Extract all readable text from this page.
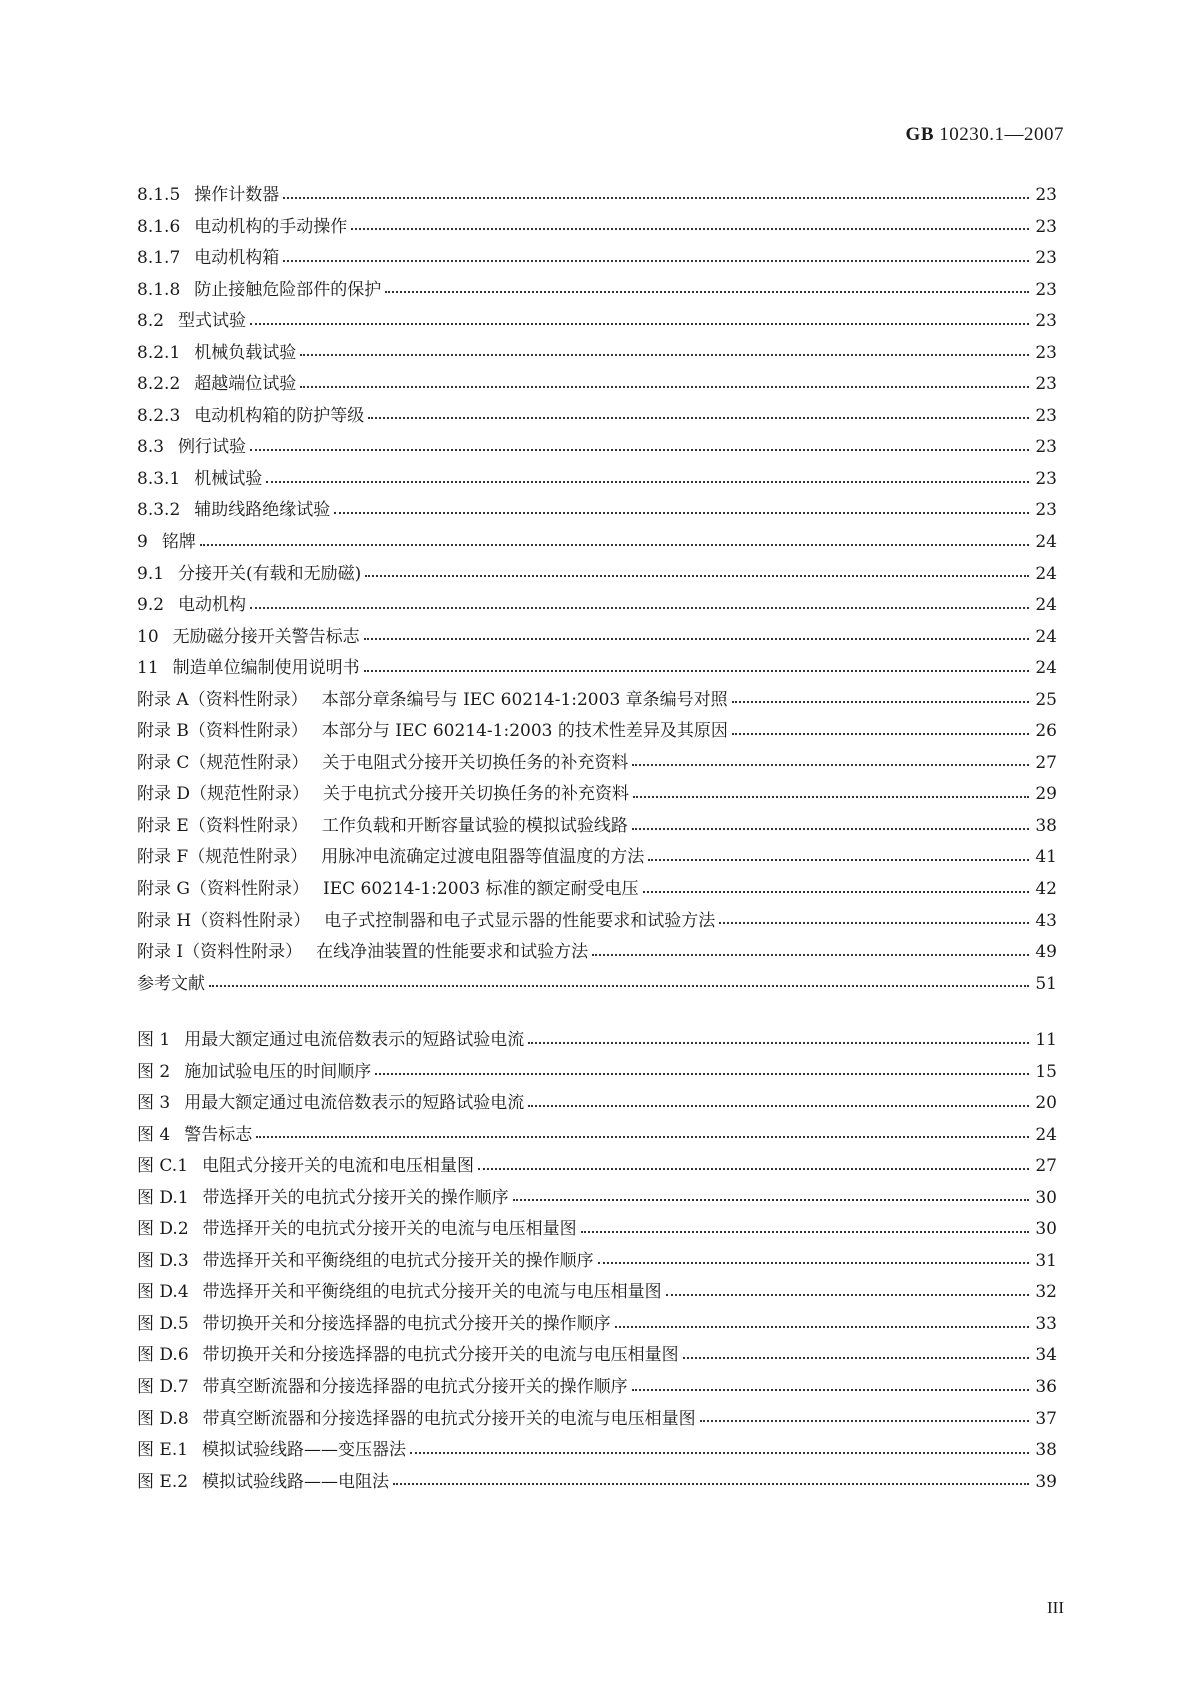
GB 10230.1—2007
8.1.5 操作计数器	23
8.1.6 电动机构的手动操作	23
8.1.7 电动机构箱	23
8.1.8 防止接触危险部件的保护	23
8.2 型式试验	23
8.2.1 机械负载试验	23
8.2.2 超越端位试验	23
8.2.3 电动机构箱的防护等级	23
8.3 例行试验	23
8.3.1 机械试验	23
8.3.2 辅助线路绝缘试验	23
9 铭牌	24
9.1 分接开关(有载和无励磁)	24
9.2 电动机构	24
10 无励磁分接开关警告标志	24
11 制造单位编制使用说明书	24
附录 A（资料性附录） 本部分章条编号与 IEC 60214-1:2003 章条编号对照	25
附录 B（资料性附录） 本部分与 IEC 60214-1:2003 的技术性差异及其原因	26
附录 C（规范性附录） 关于电阻式分接开关切换任务的补充资料	27
附录 D（规范性附录） 关于电抗式分接开关切换任务的补充资料	29
附录 E（资料性附录） 工作负载和开断容量试验的模拟试验线路	38
附录 F（规范性附录） 用脉冲电流确定过渡电阻器等值温度的方法	41
附录 G（资料性附录） IEC 60214-1:2003 标准的额定耐受电压	42
附录 H（资料性附录） 电子式控制器和电子式显示器的性能要求和试验方法	43
附录 I（资料性附录） 在线净油装置的性能要求和试验方法	49
参考文献	51
图 1 用最大额定通过电流倍数表示的短路试验电流	11
图 2 施加试验电压的时间顺序	15
图 3 用最大额定通过电流倍数表示的短路试验电流	20
图 4 警告标志	24
图 C.1 电阻式分接开关的电流和电压相量图	27
图 D.1 带选择开关的电抗式分接开关的操作顺序	30
图 D.2 带选择开关的电抗式分接开关的电流与电压相量图	30
图 D.3 带选择开关和平衡绕组的电抗式分接开关的操作顺序	31
图 D.4 带选择开关和平衡绕组的电抗式分接开关的电流与电压相量图	32
图 D.5 带切换开关和分接选择器的电抗式分接开关的操作顺序	33
图 D.6 带切换开关和分接选择器的电抗式分接开关的电流与电压相量图	34
图 D.7 带真空断流器和分接选择器的电抗式分接开关的操作顺序	36
图 D.8 带真空断流器和分接选择器的电抗式分接开关的电流与电压相量图	37
图 E.1 模拟试验线路——变压器法	38
图 E.2 模拟试验线路——电阻法	39
III
